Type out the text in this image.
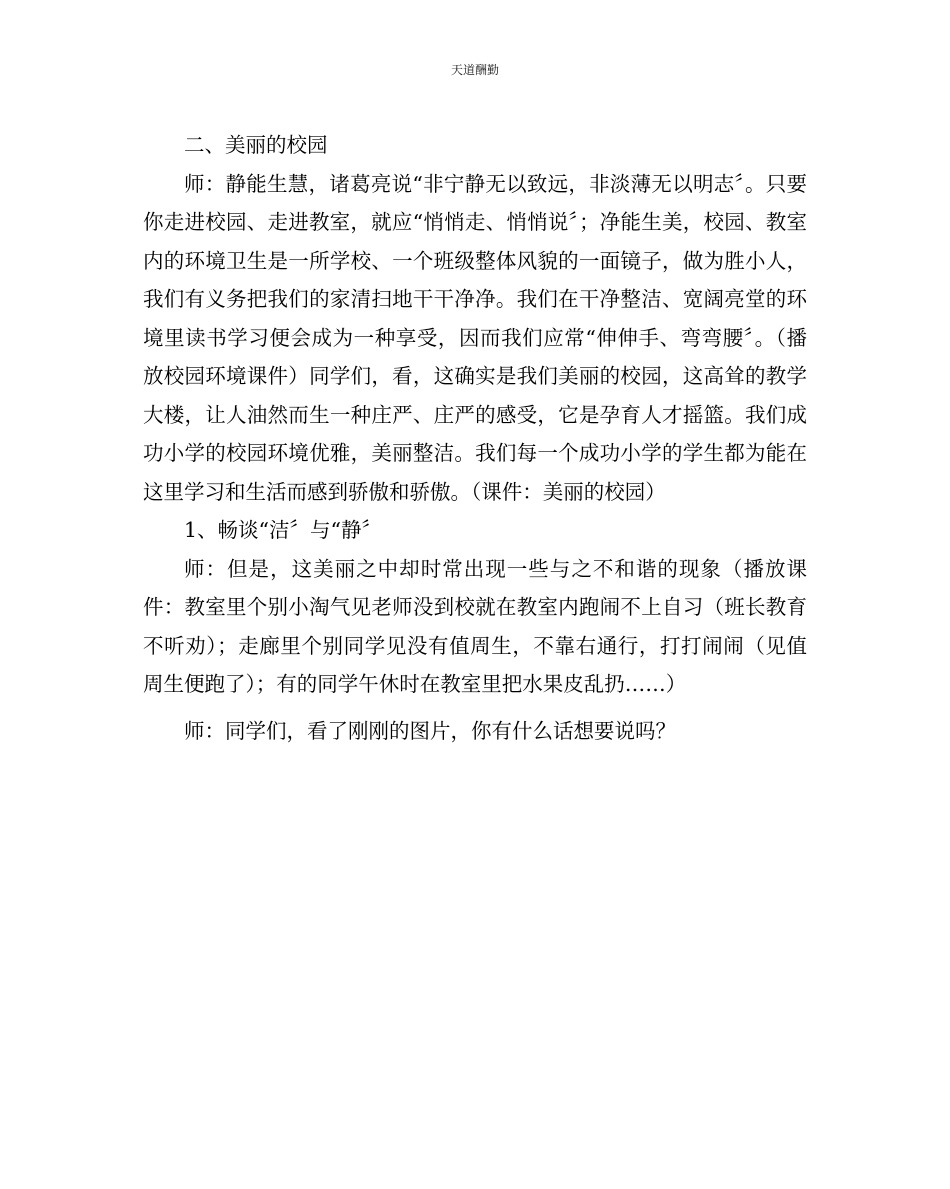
天道酬勤

二、美丽的校园

师：静能生慧，诸葛亮说“非宁静无以致远，非淡薄无以明志〞。只要你走进校园、走进教室，就应“悄悄走、悄悄说〞；净能生美，校园、教室内的环境卫生是一所学校、一个班级整体风貌的一面镜子，做为胜小人，我们有义务把我们的家清扫地干干净净。我们在干净整洁、宽阔亮堂的环境里读书学习便会成为一种享受，因而我们应常“伸伸手、弯弯腰〞。（播放校园环境课件）同学们，看，这确实是我们美丽的校园，这高耸的教学大楼，让人油然而生一种庄严、庄严的感受，它是孕育人才摇篮。我们成功小学的校园环境优雅，美丽整洁。我们每一个成功小学的学生都为能在这里学习和生活而感到骄傲和骄傲。（课件：美丽的校园）

1、畅谈“洁〞与“静〞

师：但是，这美丽之中却时常出现一些与之不和谐的现象（播放课件：教室里个别小淘气见老师没到校就在教室内跑闹不上自习（班长教育不听劝）；走廊里个别同学见没有值周生，不靠右通行，打打闹闹（见值周生便跑了）；有的同学午休时在教室里把水果皮乱扔……）

师：同学们，看了刚刚的图片，你有什么话想要说吗？
